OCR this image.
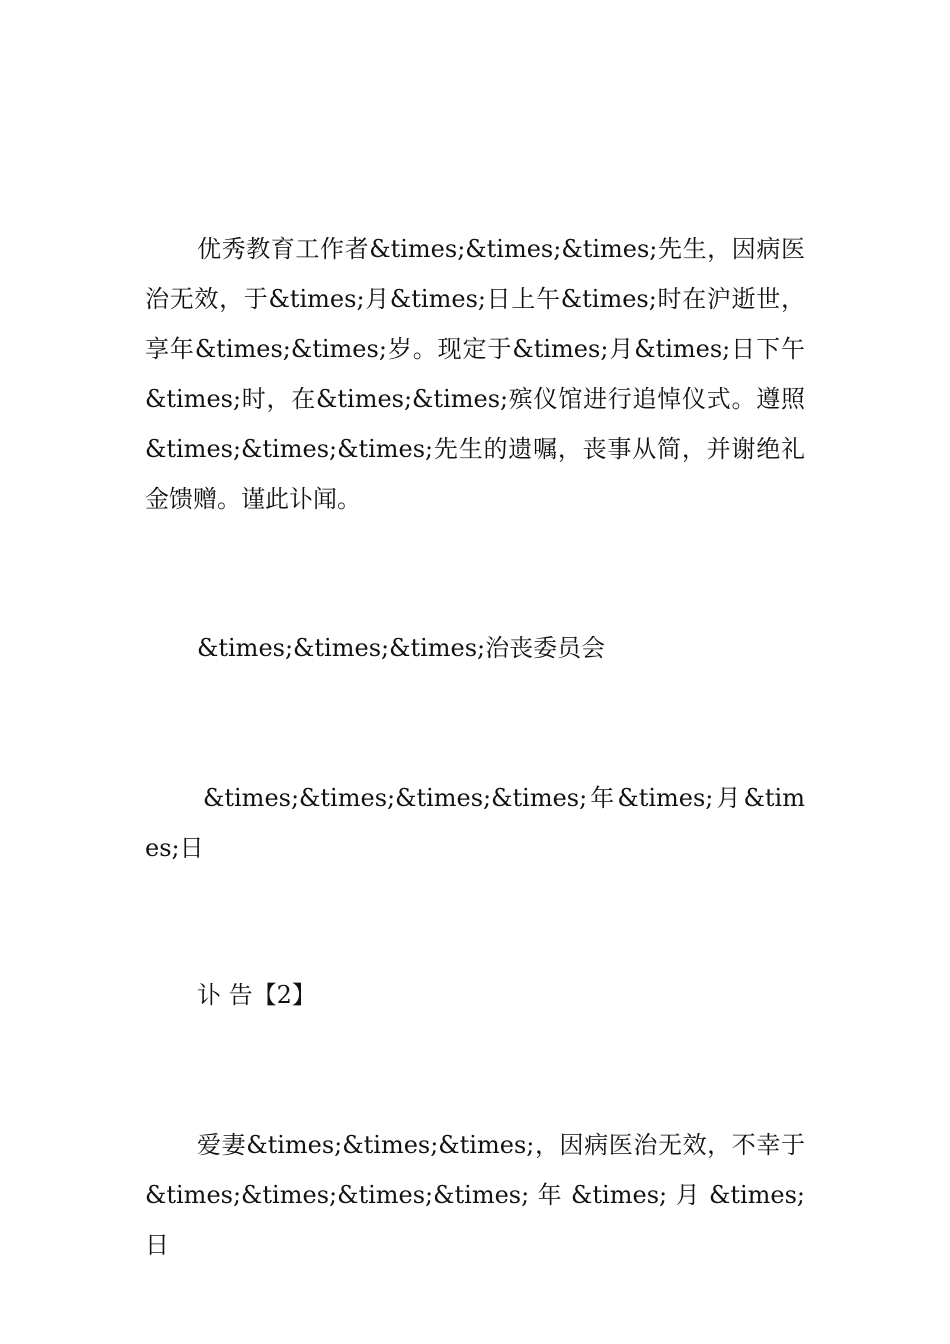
优秀教育工作者&times;&times;&times;先生，因病医治无效，于&times;月&times;日上午&times;时在沪逝世，享年&times;&times;岁。现定于&times;月&times;日下午&times;时，在&times;&times;殡仪馆进行追悼仪式。遵照&times;&times;&times;先生的遗嘱，丧事从简，并谢绝礼金馈赠。谨此讣闻。

&times;&times;&times;治丧委员会

&times;&times;&times;&times;年&times;月&times;日

讣 告【2】

爱妻&times;&times;&times;，因病医治无效，不幸于&times;&times;&times;&times; 年 &times; 月 &times; 日
